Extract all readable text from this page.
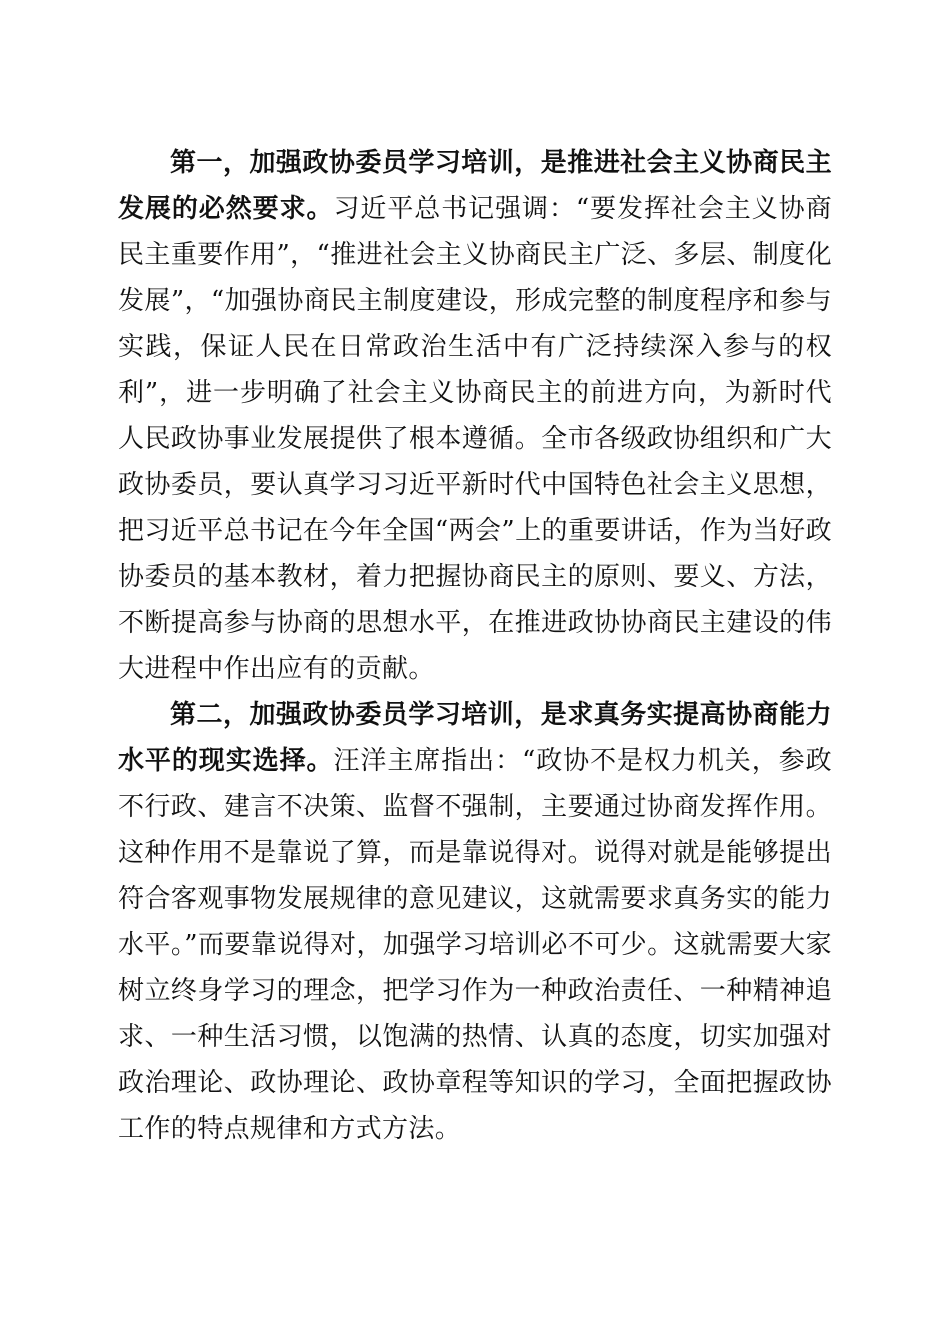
第一，加强政协委员学习培训，是推进社会主义协商民主发展的必然要求。习近平总书记强调：“要发挥社会主义协商民主重要作用”，“推进社会主义协商民主广泛、多层、制度化发展”，“加强协商民主制度建设，形成完整的制度程序和参与实践，保证人民在日常政治生活中有广泛持续深入参与的权利”，进一步明确了社会主义协商民主的前进方向，为新时代人民政协事业发展提供了根本遵循。全市各级政协组织和广大政协委员，要认真学习习近平新时代中国特色社会主义思想，把习近平总书记在今年全国“两会”上的重要讲话，作为当好政协委员的基本教材，着力把握协商民主的原则、要义、方法，不断提高参与协商的思想水平，在推进政协协商民主建设的伟大进程中作出应有的贡献。

第二，加强政协委员学习培训，是求真务实提高协商能力水平的现实选择。汪洋主席指出：“政协不是权力机关，参政不行政、建言不决策、监督不强制，主要通过协商发挥作用。这种作用不是靠说了算，而是靠说得对。说得对就是能够提出符合客观事物发展规律的意见建议，这就需要求真务实的能力水平。”而要靠说得对，加强学习培训必不可少。这就需要大家树立终身学习的理念，把学习作为一种政治责任、一种精神追求、一种生活习惯，以饱满的热情、认真的态度，切实加强对政治理论、政协理论、政协章程等知识的学习，全面把握政协工作的特点规律和方式方法。
